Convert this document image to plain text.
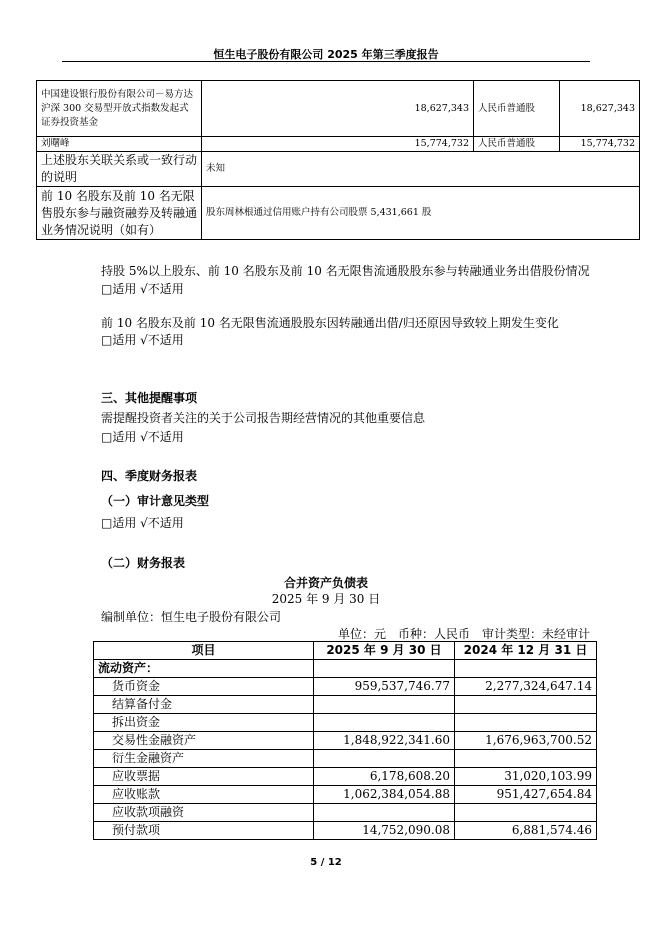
恒生电子股份有限公司 2025 年第三季度报告
中国建设银行股份有限公司－易方达沪深 300 交易型开放式指数发起式证券投资基金	18,627,343	人民币普通股	18,627,343
刘曙峰	15,774,732	人民币普通股	15,774,732
上述股东关联关系或一致行动的说明	未知		
前 10 名股东及前 10 名无限售股东参与融资融券及转融通业务情况说明（如有）	股东周林根通过信用账户持有公司股票 5,431,661 股		
持股 5%以上股东、前 10 名股东及前 10 名无限售流通股股东参与转融通业务出借股份情况
□适用 √不适用
前 10 名股东及前 10 名无限售流通股股东因转融通出借/归还原因导致较上期发生变化
□适用 √不适用
三、其他提醒事项
需提醒投资者关注的关于公司报告期经营情况的其他重要信息
□适用 √不适用
四、季度财务报表
（一）审计意见类型
□适用 √不适用
（二）财务报表
合并资产负债表
2025 年 9 月 30 日
编制单位：恒生电子股份有限公司
单位：元　币种：人民币　审计类型：未经审计
项目	2025 年 9 月 30 日	2024 年 12 月 31 日
流动资产：		
货币资金	959,537,746.77	2,277,324,647.14
结算备付金		
拆出资金		
交易性金融资产	1,848,922,341.60	1,676,963,700.52
衍生金融资产		
应收票据	6,178,608.20	31,020,103.99
应收账款	1,062,384,054.88	951,427,654.84
应收款项融资		
预付款项	14,752,090.08	6,881,574.46
5 / 12
